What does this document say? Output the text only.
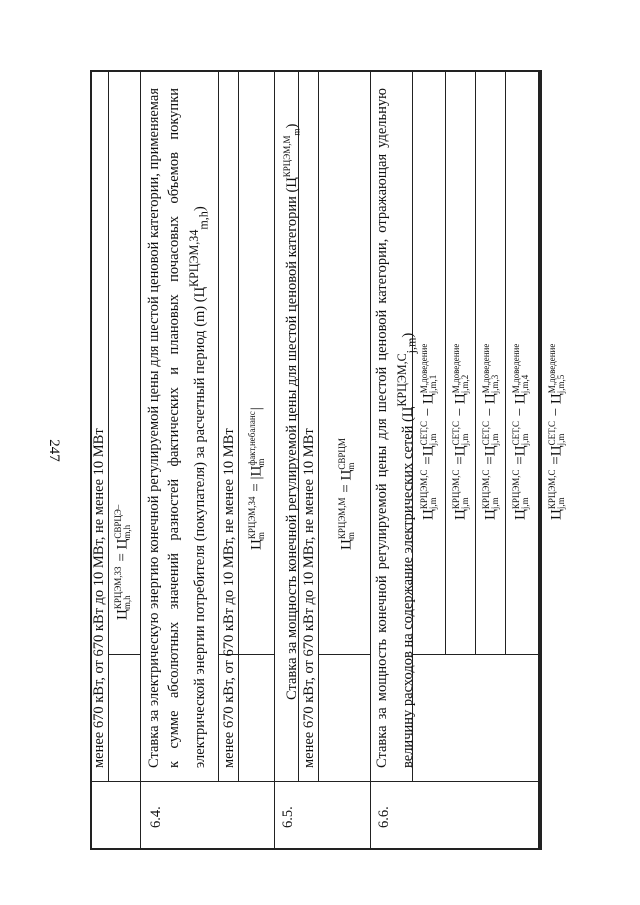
247 менее 670 кВт, от 670 кВт до 10 МВт, не менее 10 МВт ЦКРЦЭМ,ЗЗ
m,h = ЦСВРЦЭ–
m,h
6.4.
Ставка за электрическую энергию конечной регулируемой цены для шестой ценовой категории, применяемая к сумме абсолютных значений разностей фактических и плановых почасовых объемов покупки электрической энергии потребителя (покупателя) за расчетный период (m) $(Ц^{КРЦЭМ,З4}_{m,h})$
менее 670 кВт, от 670 кВт до 10 МВт, не менее 10 МВт ЦКРЦЭМ,З4
m = |Цфакт,небаланс
m|
6.5.
Ставка за мощность конечной регулируемой цены для шестой ценовой категории $(Ц^{КРЦЭМ,М}_m)$
менее 670 кВт, от 670 кВт до 10 МВт, не менее 10 МВт ЦКРЦЭМ,М
m = ЦСВРЦМ
m
6.6.
Ставка за мощность конечной регулируемой цены для шестой ценовой категории, отражающая удельную величину расходов на содержание электрических сетей $(Ц^{КРЦЭМ,С}_{j,m})$
ЦКРЦЭМ,С
j,m =ЦСЕТ,С
j,m − ЦМ,доведение
j,m,1
ЦКРЦЭМ,С
j,m =ЦСЕТ,С
j,m − ЦМ,доведение
j,m,2
ЦКРЦЭМ,С
j,m =ЦСЕТ,С
j,m − ЦМ,доведение
j,m,3
ЦКРЦЭМ,С
j,m =ЦСЕТ,С
j,m − ЦМ,доведение
j,m,4
ЦКРЦЭМ,С
j,m =ЦСЕТ,С
j,m − ЦМ,доведение
j,m,5
